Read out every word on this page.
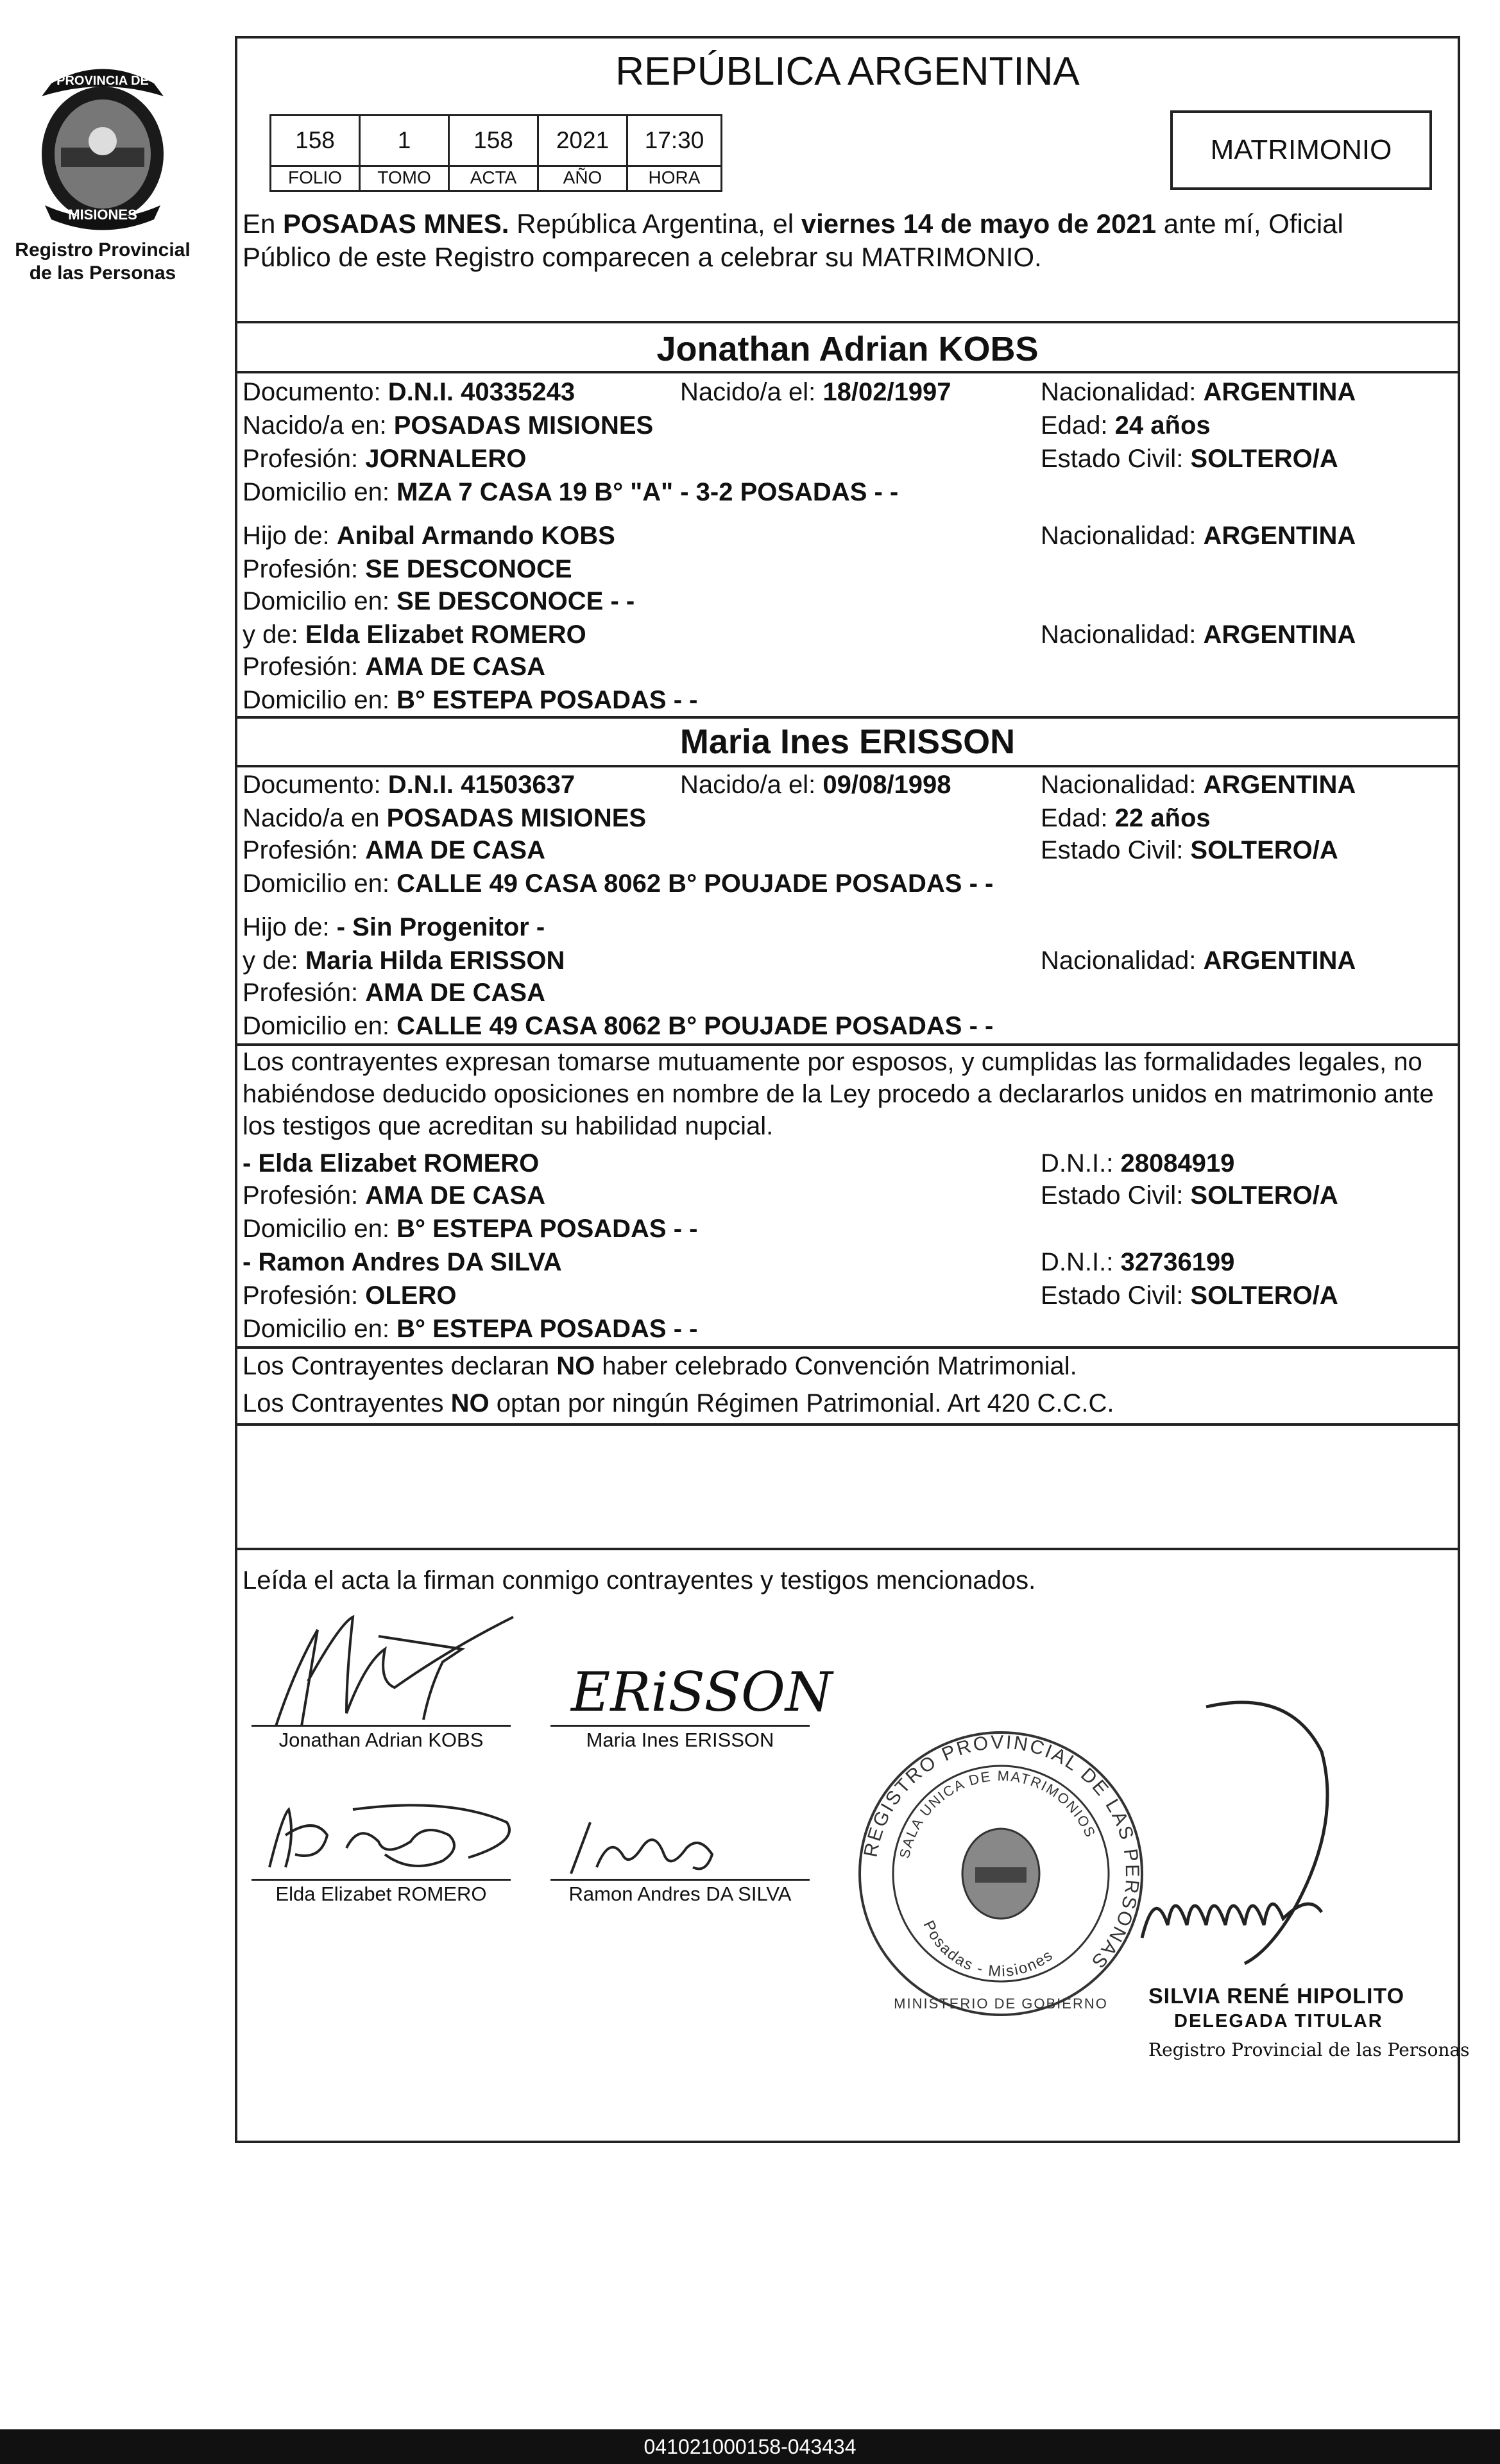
PROVINCIA DE
MISIONES
Registro Provincial
de las Personas
REPÚBLICA ARGENTINA
158	1	158	2021	17:30
FOLIO	TOMO	ACTA	AÑO	HORA
MATRIMONIO
En POSADAS MNES. República Argentina, el viernes 14 de mayo de 2021 ante mí, Oficial
Público de este Registro comparecen a celebrar su MATRIMONIO.
Jonathan Adrian KOBS
Documento: D.N.I. 40335243	Nacido/a el: 18/02/1997	Nacionalidad: ARGENTINA
Nacido/a en: POSADAS MISIONES	Edad: 24 años
Profesión: JORNALERO	Estado Civil: SOLTERO/A
Domicilio en: MZA 7 CASA 19 B° "A" - 3-2 POSADAS - -
Hijo de: Anibal Armando KOBS	Nacionalidad: ARGENTINA
Profesión: SE DESCONOCE
Domicilio en: SE DESCONOCE - -
y de: Elda Elizabet ROMERO	Nacionalidad: ARGENTINA
Profesión: AMA DE CASA
Domicilio en: B° ESTEPA POSADAS - -
Maria Ines ERISSON
Documento: D.N.I. 41503637	Nacido/a el: 09/08/1998	Nacionalidad: ARGENTINA
Nacido/a en POSADAS MISIONES	Edad: 22 años
Profesión: AMA DE CASA	Estado Civil: SOLTERO/A
Domicilio en: CALLE 49 CASA 8062 B° POUJADE POSADAS - -
Hijo de: - Sin Progenitor -
y de: Maria Hilda ERISSON	Nacionalidad: ARGENTINA
Profesión: AMA DE CASA
Domicilio en: CALLE 49 CASA 8062 B° POUJADE POSADAS - -
Los contrayentes expresan tomarse mutuamente por esposos, y cumplidas las formalidades legales, no
habiéndose deducido oposiciones en nombre de la Ley procedo a declararlos unidos en matrimonio ante
los testigos que acreditan su habilidad nupcial.
- Elda Elizabet ROMERO	D.N.I.: 28084919
Profesión: AMA DE CASA	Estado Civil: SOLTERO/A
Domicilio en: B° ESTEPA POSADAS - -
- Ramon Andres DA SILVA	D.N.I.: 32736199
Profesión: OLERO	Estado Civil: SOLTERO/A
Domicilio en: B° ESTEPA POSADAS - -
Los Contrayentes declaran NO haber celebrado Convención Matrimonial.
Los Contrayentes NO optan por ningún Régimen Patrimonial. Art 420 C.C.C.
Leída el acta la firman conmigo contrayentes y testigos mencionados.
Jonathan Adrian KOBS
ERiSSON
Maria Ines ERISSON
Elda Elizabet ROMERO	Ramon Andres DA SILVA
REGISTRO PROVINCIAL DE LAS PERSONAS
SALA UNICA DE MATRIMONIOS
Posadas - Misiones
MINISTERIO DE GOBIERNO SILVIA RENÉ HIPOLITO
DELEGADA TITULAR
Registro Provincial de las Personas
041021000158-043434
